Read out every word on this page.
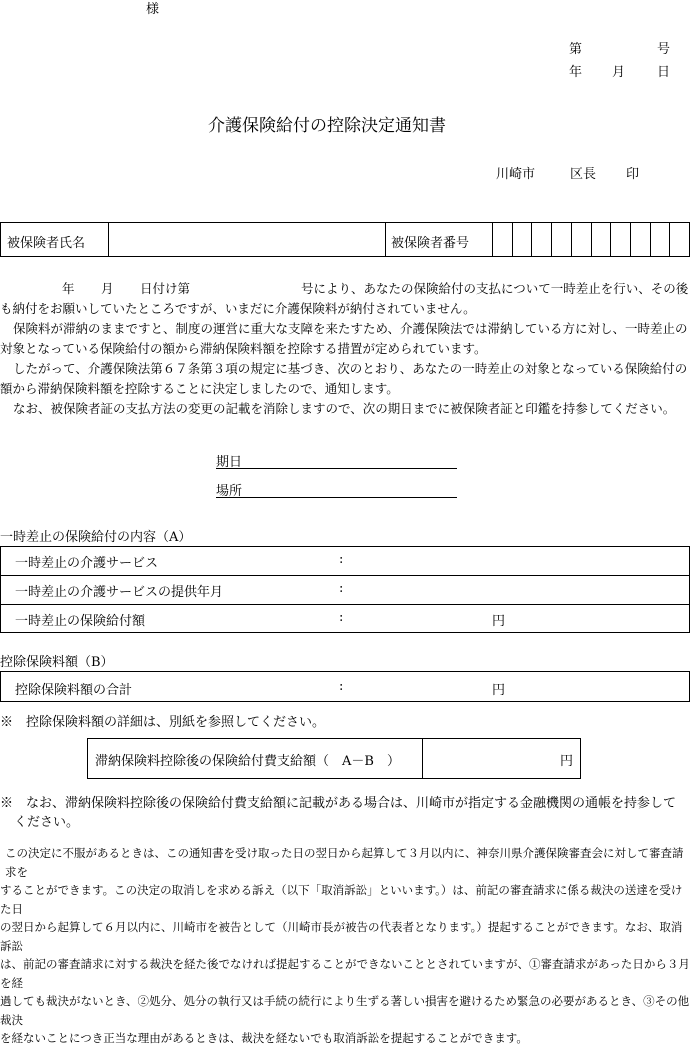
様
第	号
年 月 日
介護保険給付の控除決定通知書
川崎市	区長 印
被保険者氏名	被保険者番号

年 月 日付け第	号により、あなたの保険給付の支払について一時差止を行い、その後

も納付をお願いしていたところですが、いまだに介護保険料が納付されていません。

保険料が滞納のままですと、制度の運営に重大な支障を来たすため、介護保険法では滞納している方に対し、一時差止の

対象となっている保険給付の額から滞納保険料額を控除する措置が定められています。

したがって、介護保険法第６７条第３項の規定に基づき、次のとおり、あなたの一時差止の対象となっている保険給付の

額から滞納保険料額を控除することに決定しましたので、通知します。

なお、被保険者証の支払方法の変更の記載を消除しますので、次の期日までに被保険者証と印鑑を持参してください。

期日
場所
一時差止の保険給付の内容（A）
一時差止の介護サービス	:
一時差止の介護サービスの提供年月	:
一時差止の保険給付額	:	円
控除保険料額（B）
控除保険料額の合計	:	円
※　控除保険料額の詳細は、別紙を参照してください。
滞納保険料控除後の保険給付費支給額（　A－B　）	円
※　なお、滞納保険料控除後の保険給付費支給額に記載がある場合は、川崎市が指定する金融機関の通帳を持参して
ください。
この決定に不服があるときは、この通知書を受け取った日の翌日から起算して３月以内に、神奈川県介護保険審査会に対して審査請求を
することができます。この決定の取消しを求める訴え（以下「取消訴訟」といいます。）は、前記の審査請求に係る裁決の送達を受けた日
の翌日から起算して６月以内に、川崎市を被告として（川崎市長が被告の代表者となります。）提起することができます。なお、取消訴訟
は、前記の審査請求に対する裁決を経た後でなければ提起することができないこととされていますが、①審査請求があった日から３月を経
過しても裁決がないとき、②処分、処分の執行又は手続の続行により生ずる著しい損害を避けるため緊急の必要があるとき、③その他裁決
を経ないことにつき正当な理由があるときは、裁決を経ないでも取消訴訟を提起することができます。
